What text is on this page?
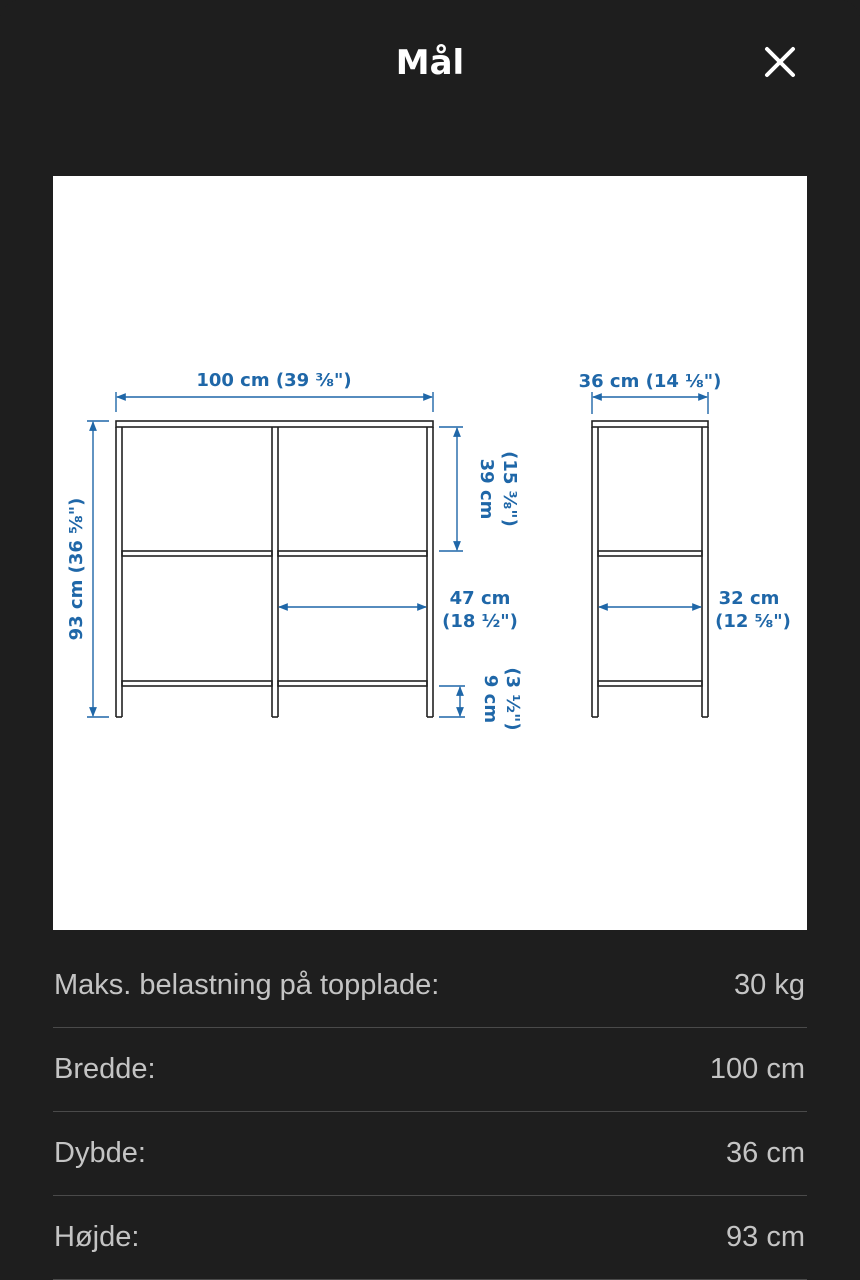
Mål
100 cm (39 ⅜")
93 cm (36 ⅝")
39 cm (15 ⅜")
47 cm
(18 ½")
9 cm (3 ½")
36 cm (14 ⅛")
32 cm
(12 ⅝")
Maks. belastning på topplade:	30 kg
Bredde:	100 cm
Dybde:	36 cm
Højde:	93 cm
